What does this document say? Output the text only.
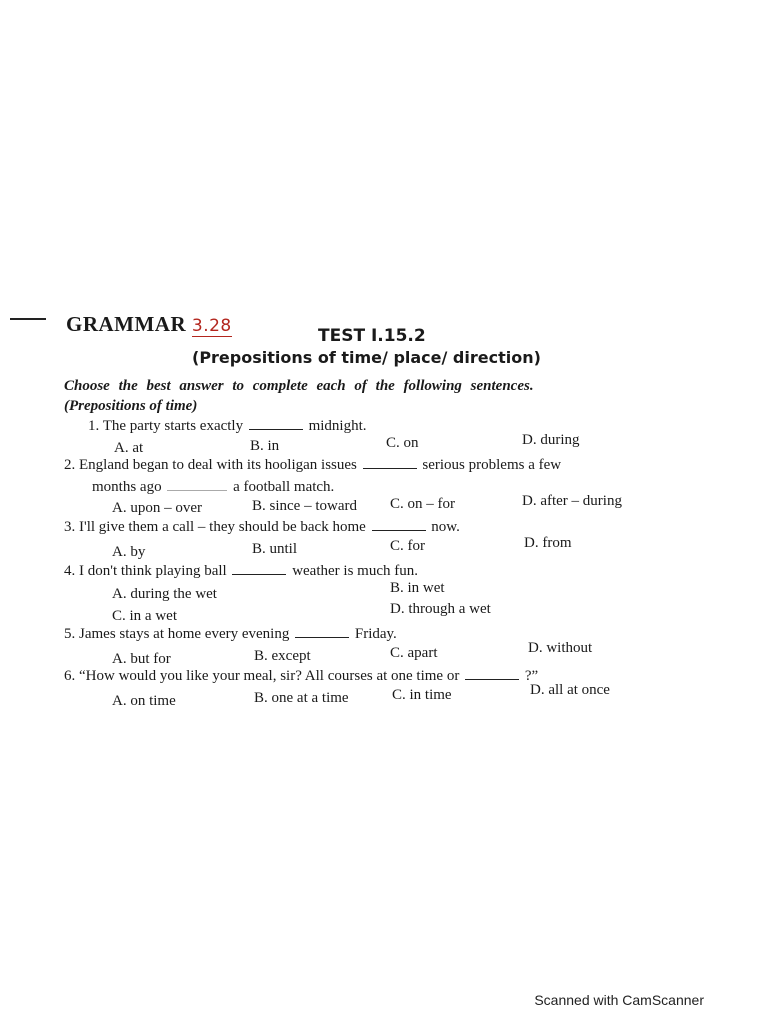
GRAMMAR 3.28	TEST I.15.2
(Prepositions of time/ place/ direction)
Choose the best answer to complete each of the following sentences.
(Prepositions of time)
1. The party starts exactly	midnight.
A. at	B. in	C. on	D. during
2. England began to deal with its hooligan issues	serious problems a few
months ago	a football match.
A. upon – over	B. since – toward C. on – for	D. after – during
3. I'll give them a call – they should be back home	now.
A. by	B. until	C. for	D. from
4. I don't think playing ball	weather is much fun.
A. during the wet	B. in wet
C. in a wet	D. through a wet
5. James stays at home every evening	Friday.
A. but for	B. except	C. apart	D. without
6. “How would you like your meal, sir? All courses at one time or	?”
A. on time	B. one at a time	C. in time	D. all at once
Scanned with CamScanner
